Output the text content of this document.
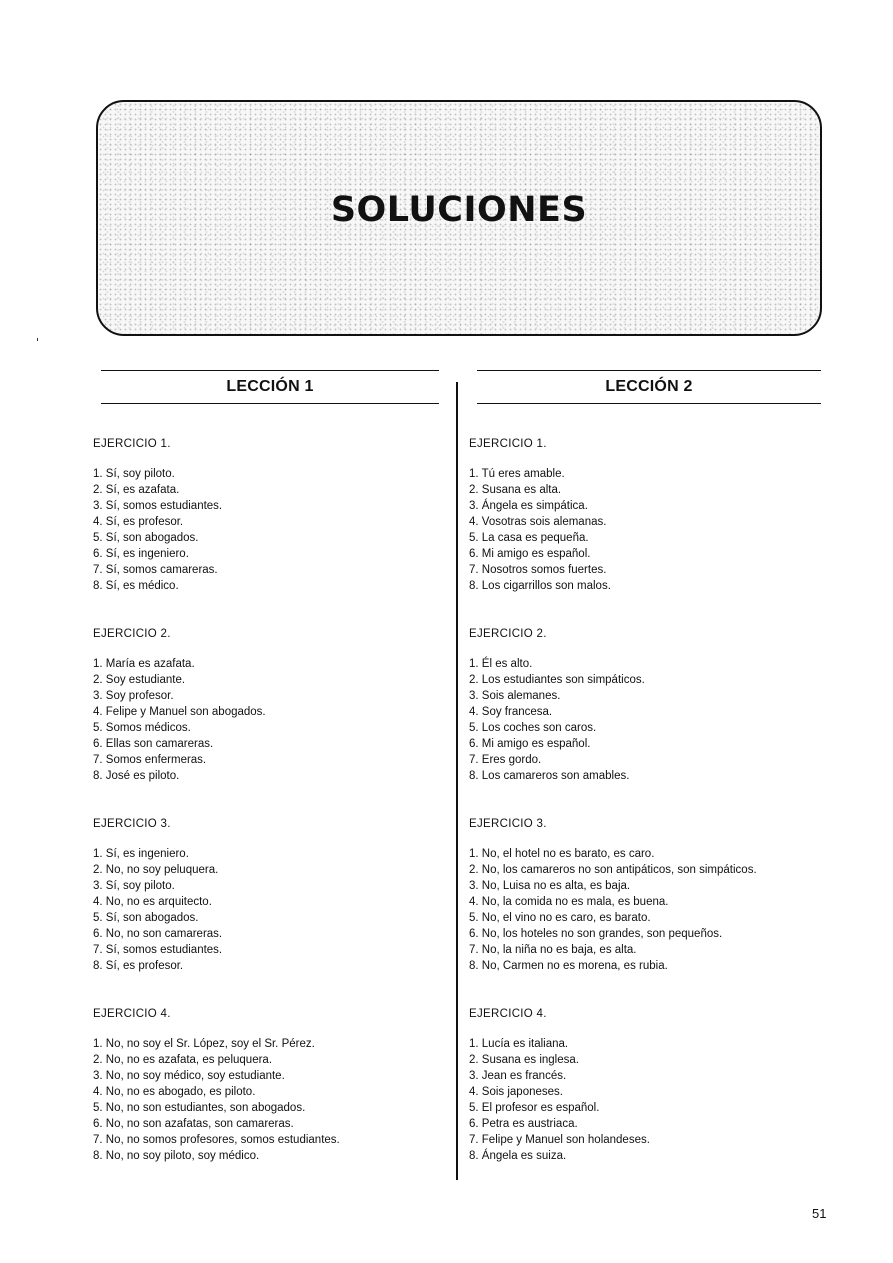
SOLUCIONES
LECCIÓN 1
EJERCICIO 1.
1. Sí, soy piloto.
2. Sí, es azafata.
3. Sí, somos estudiantes.
4. Sí, es profesor.
5. Sí, son abogados.
6. Sí, es ingeniero.
7. Sí, somos camareras.
8. Sí, es médico.
EJERCICIO 2.
1. María es azafata.
2. Soy estudiante.
3. Soy profesor.
4. Felipe y Manuel son abogados.
5. Somos médicos.
6. Ellas son camareras.
7. Somos enfermeras.
8. José es piloto.
EJERCICIO 3.
1. Sí, es ingeniero.
2. No, no soy peluquera.
3. Sí, soy piloto.
4. No, no es arquitecto.
5. Sí, son abogados.
6. No, no son camareras.
7. Sí, somos estudiantes.
8. Sí, es profesor.
EJERCICIO 4.
1. No, no soy el Sr. López, soy el Sr. Pérez.
2. No, no es azafata, es peluquera.
3. No, no soy médico, soy estudiante.
4. No, no es abogado, es piloto.
5. No, no son estudiantes, son abogados.
6. No, no son azafatas, son camareras.
7. No, no somos profesores, somos estudiantes.
8. No, no soy piloto, soy médico.
LECCIÓN 2
EJERCICIO 1.
1. Tú eres amable.
2. Susana es alta.
3. Ángela es simpática.
4. Vosotras sois alemanas.
5. La casa es pequeña.
6. Mi amigo es español.
7. Nosotros somos fuertes.
8. Los cigarrillos son malos.
EJERCICIO 2.
1. Él es alto.
2. Los estudiantes son simpáticos.
3. Sois alemanes.
4. Soy francesa.
5. Los coches son caros.
6. Mi amigo es español.
7. Eres gordo.
8. Los camareros son amables.
EJERCICIO 3.
1. No, el hotel no es barato, es caro.
2. No, los camareros no son antipáticos, son simpáticos.
3. No, Luisa no es alta, es baja.
4. No, la comida no es mala, es buena.
5. No, el vino no es caro, es barato.
6. No, los hoteles no son grandes, son pequeños.
7. No, la niña no es baja, es alta.
8. No, Carmen no es morena, es rubia.
EJERCICIO 4.
1. Lucía es italiana.
2. Susana es inglesa.
3. Jean es francés.
4. Sois japoneses.
5. El profesor es español.
6. Petra es austriaca.
7. Felipe y Manuel son holandeses.
8. Ángela es suiza.
51
